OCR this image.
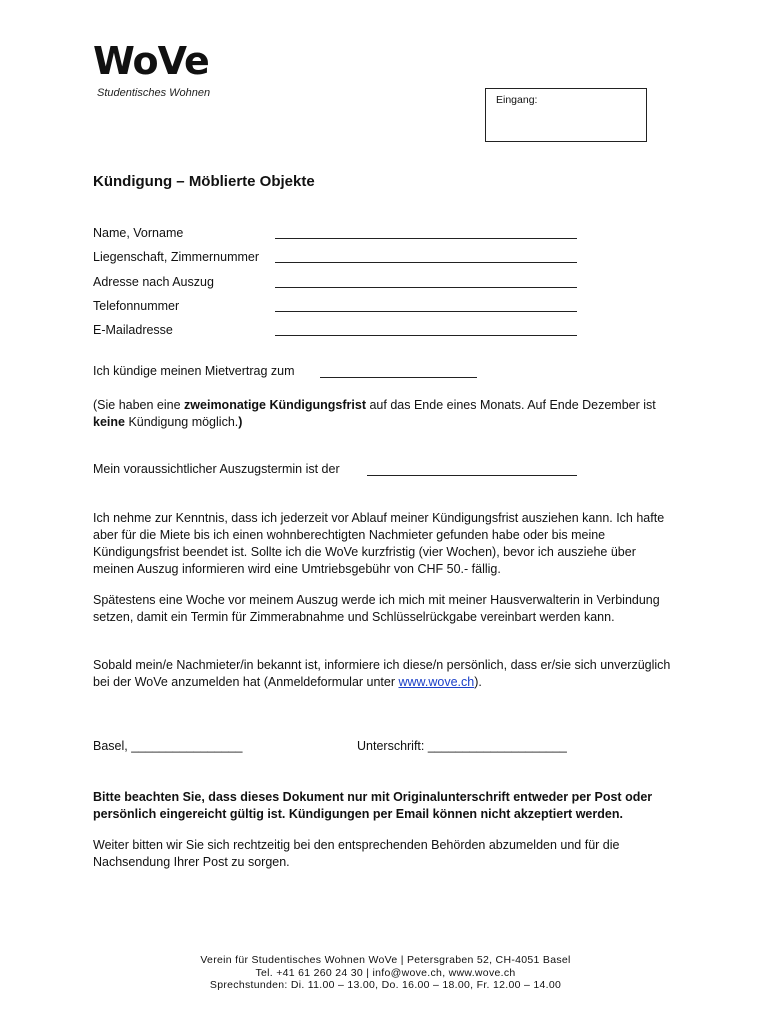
WoVe
Studentisches Wohnen
Eingang:
Kündigung – Möblierte Objekte
Name, Vorname
Liegenschaft, Zimmernummer
Adresse nach Auszug
Telefonnummer
E-Mailadresse
Ich kündige meinen Mietvertrag zum
(Sie haben eine zweimonatige Kündigungsfrist auf das Ende eines Monats. Auf Ende Dezember ist keine Kündigung möglich.)
Mein voraussichtlicher Auszugstermin ist der
Ich nehme zur Kenntnis, dass ich jederzeit vor Ablauf meiner Kündigungsfrist ausziehen kann. Ich hafte aber für die Miete bis ich einen wohnberechtigten Nachmieter gefunden habe oder bis meine Kündigungsfrist beendet ist. Sollte ich die WoVe kurzfristig (vier Wochen), bevor ich ausziehe über meinen Auszug informieren wird eine Umtriebsgebühr von CHF 50.- fällig.
Spätestens eine Woche vor meinem Auszug werde ich mich mit meiner Hausverwalterin in Verbindung setzen, damit ein Termin für Zimmerabnahme und Schlüsselrückgabe vereinbart werden kann.
Sobald mein/e Nachmieter/in bekannt ist, informiere ich diese/n persönlich, dass er/sie sich unverzüglich bei der WoVe anzumelden hat (Anmeldeformular unter www.wove.ch).
Basel, ________________	Unterschrift: ____________________
Bitte beachten Sie, dass dieses Dokument nur mit Originalunterschrift entweder per Post oder persönlich eingereicht gültig ist. Kündigungen per Email können nicht akzeptiert werden.
Weiter bitten wir Sie sich rechtzeitig bei den entsprechenden Behörden abzumelden und für die Nachsendung Ihrer Post zu sorgen.
Verein für Studentisches Wohnen WoVe | Petersgraben 52, CH-4051 Basel
Tel. +41 61 260 24 30 | info@wove.ch, www.wove.ch
Sprechstunden: Di. 11.00 – 13.00, Do. 16.00 – 18.00, Fr. 12.00 – 14.00
